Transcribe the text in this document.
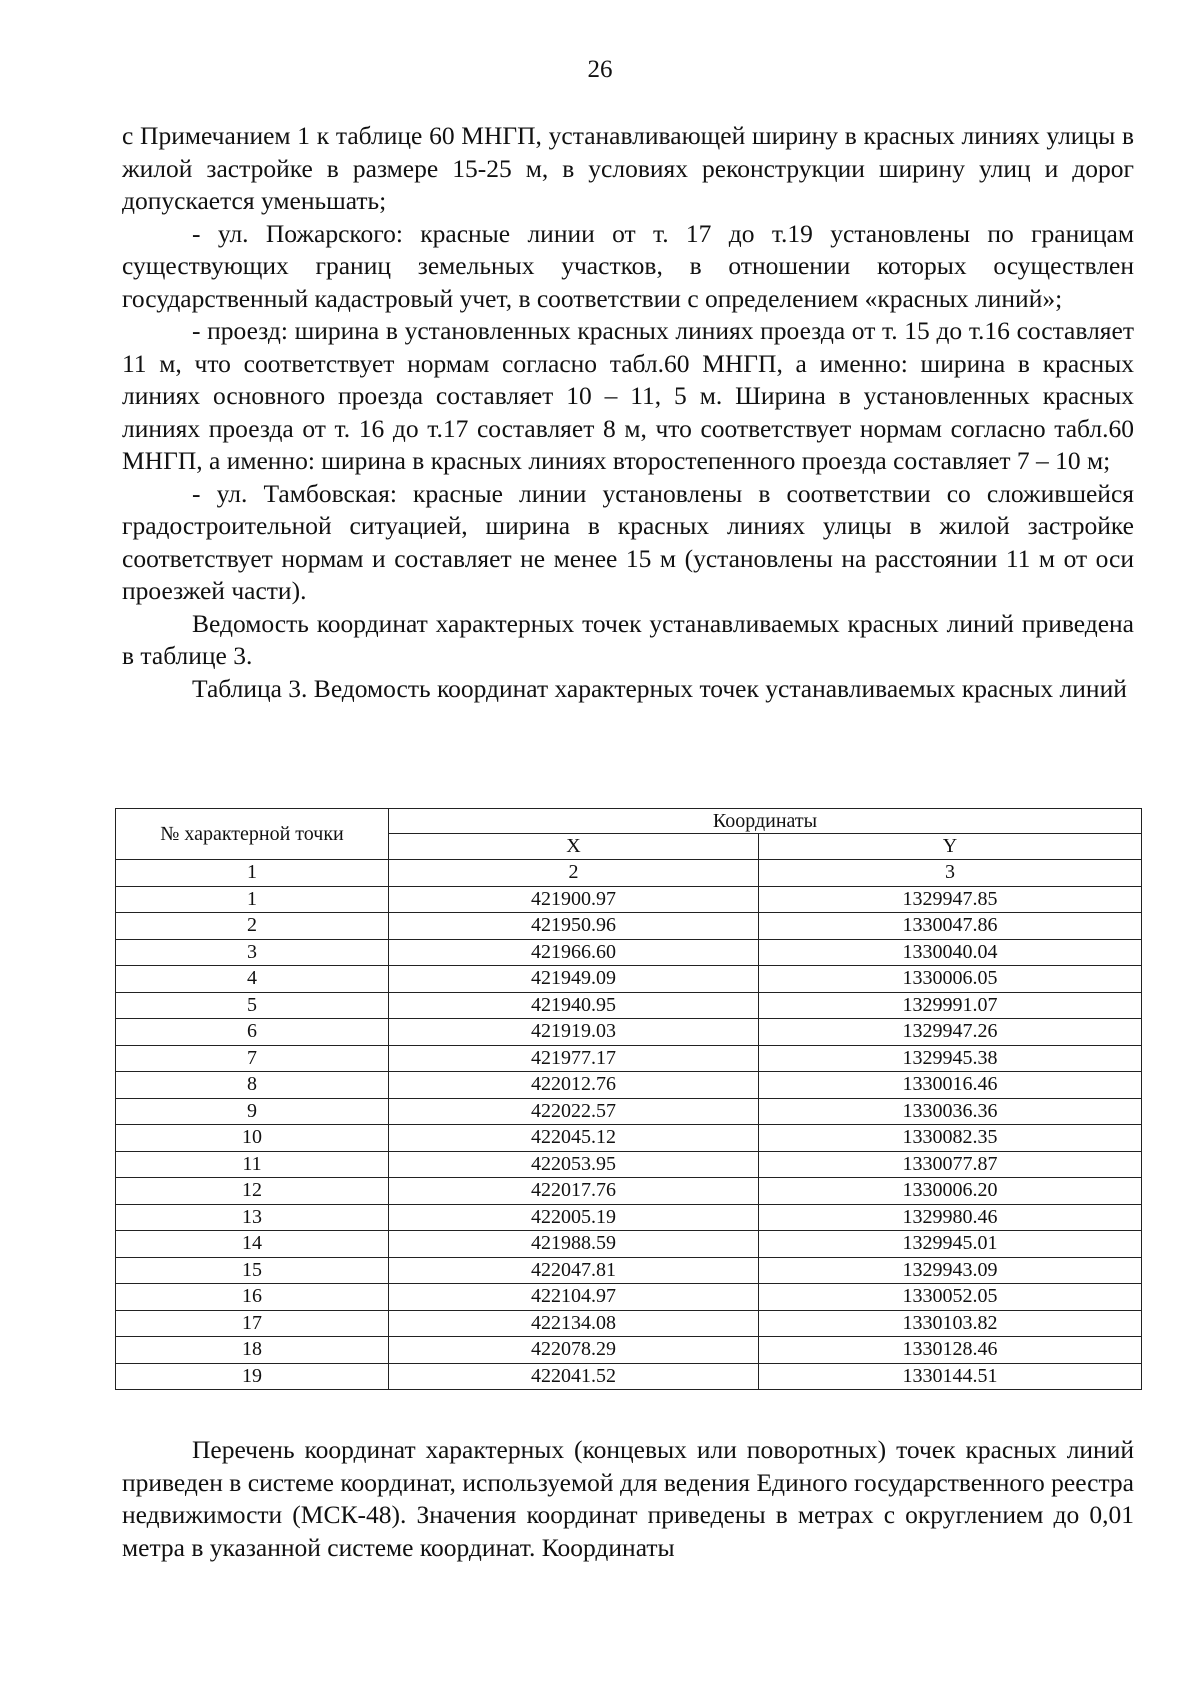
26

с Примечанием 1 к таблице 60 МНГП, устанавливающей ширину в красных линиях улицы в жилой застройке в размере 15-25 м, в условиях реконструкции ширину улиц и дорог допускается уменьшать;

- ул. Пожарского: красные линии от т. 17 до т.19 установлены по границам существующих границ земельных участков, в отношении которых осуществлен государственный кадастровый учет, в соответствии с определением «красных линий»;

- проезд: ширина в установленных красных линиях проезда от т. 15 до т.16 составляет 11 м, что соответствует нормам согласно табл.60 МНГП, а именно: ширина в красных линиях основного проезда составляет 10 – 11, 5 м. Ширина в установленных красных линиях проезда от т. 16 до т.17 составляет 8 м, что соответствует нормам согласно табл.60 МНГП, а именно: ширина в красных линиях второстепенного проезда составляет 7 – 10 м;

- ул. Тамбовская: красные линии установлены в соответствии со сложившейся градостроительной ситуацией, ширина в красных линиях улицы в жилой застройке соответствует нормам и составляет не менее 15 м (установлены на расстоянии 11 м от оси проезжей части).

Ведомость координат характерных точек устанавливаемых красных линий приведена в таблице 3.

Таблица 3. Ведомость координат характерных точек устанавливаемых красных линий

№ характерной точки	Координаты	
	X	Y
1	2	3
1	421900.97	1329947.85
2	421950.96	1330047.86
3	421966.60	1330040.04
4	421949.09	1330006.05
5	421940.95	1329991.07
6	421919.03	1329947.26
7	421977.17	1329945.38
8	422012.76	1330016.46
9	422022.57	1330036.36
10	422045.12	1330082.35
11	422053.95	1330077.87
12	422017.76	1330006.20
13	422005.19	1329980.46
14	421988.59	1329945.01
15	422047.81	1329943.09
16	422104.97	1330052.05
17	422134.08	1330103.82
18	422078.29	1330128.46
19	422041.52	1330144.51

Перечень координат характерных (концевых или поворотных) точек красных линий приведен в системе координат, используемой для ведения Единого государственного реестра недвижимости (МСК-48). Значения координат приведены в метрах с округлением до 0,01 метра в указанной системе координат. Координаты
